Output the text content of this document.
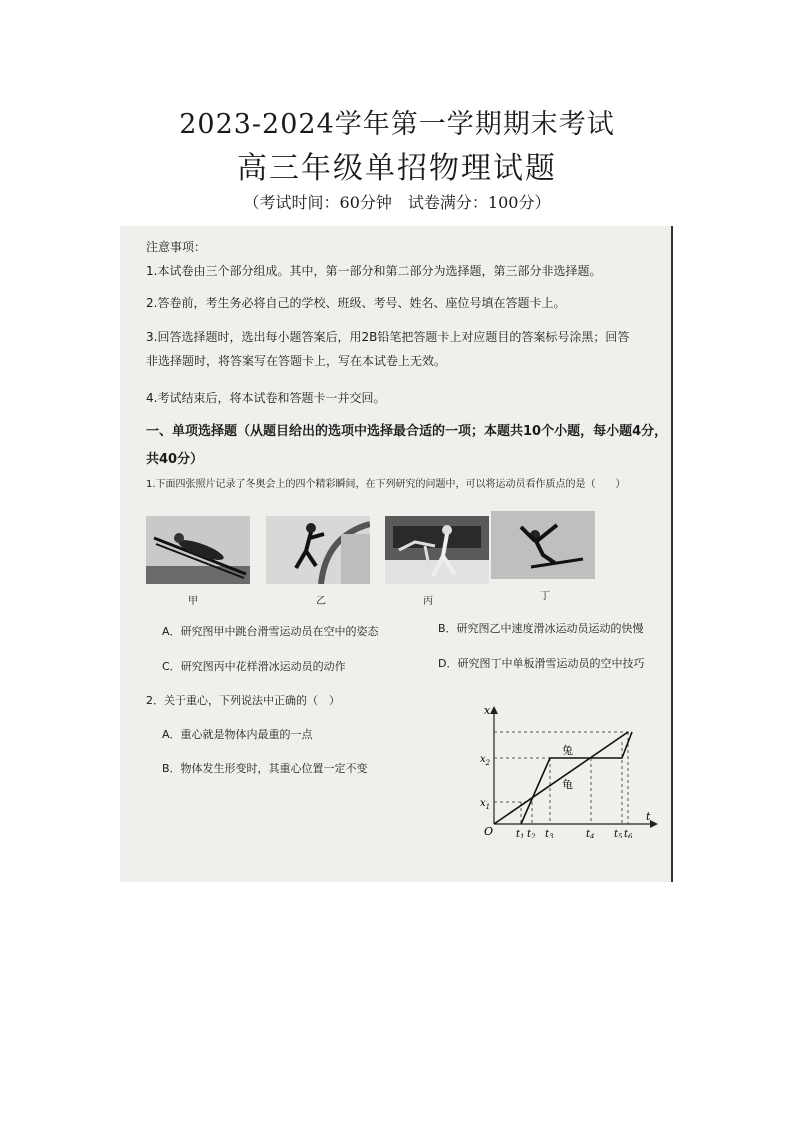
2023-2024学年第一学期期末考试
高三年级单招物理试题
（考试时间：60分钟　试卷满分：100分）
注意事项：
1.本试卷由三个部分组成。其中，第一部分和第二部分为选择题，第三部分非选择题。
2.答卷前，考生务必将自己的学校、班级、考号、姓名、座位号填在答题卡上。
3.回答选择题时，选出每小题答案后，用2B铅笔把答题卡上对应题目的答案标号涂黑；回答
非选择题时，将答案写在答题卡上，写在本试卷上无效。
4.考试结束后，将本试卷和答题卡一并交回。
一、单项选择题（从题目给出的选项中选择最合适的一项；本题共10个小题，每小题4分，
共40分）
1.下面四张照片记录了冬奥会上的四个精彩瞬间，在下列研究的问题中，可以将运动员看作质点的是（　　）
甲	乙	丙	丁
A．研究图甲中跳台滑雪运动员在空中的姿态	B．研究图乙中速度滑冰运动员运动的快慢
C．研究图丙中花样滑冰运动员的动作	D．研究图丁中单板滑雪运动员的空中技巧
2．关于重心，下列说法中正确的（　）
A．重心就是物体内最重的一点
B．物体发生形变时，其重心位置一定不变
x
t
O
兔
龟
$x_2$
$x_1$
$t_1$ $t_2$ $t_3$	$t_4$ $t_5$ $t_6$
